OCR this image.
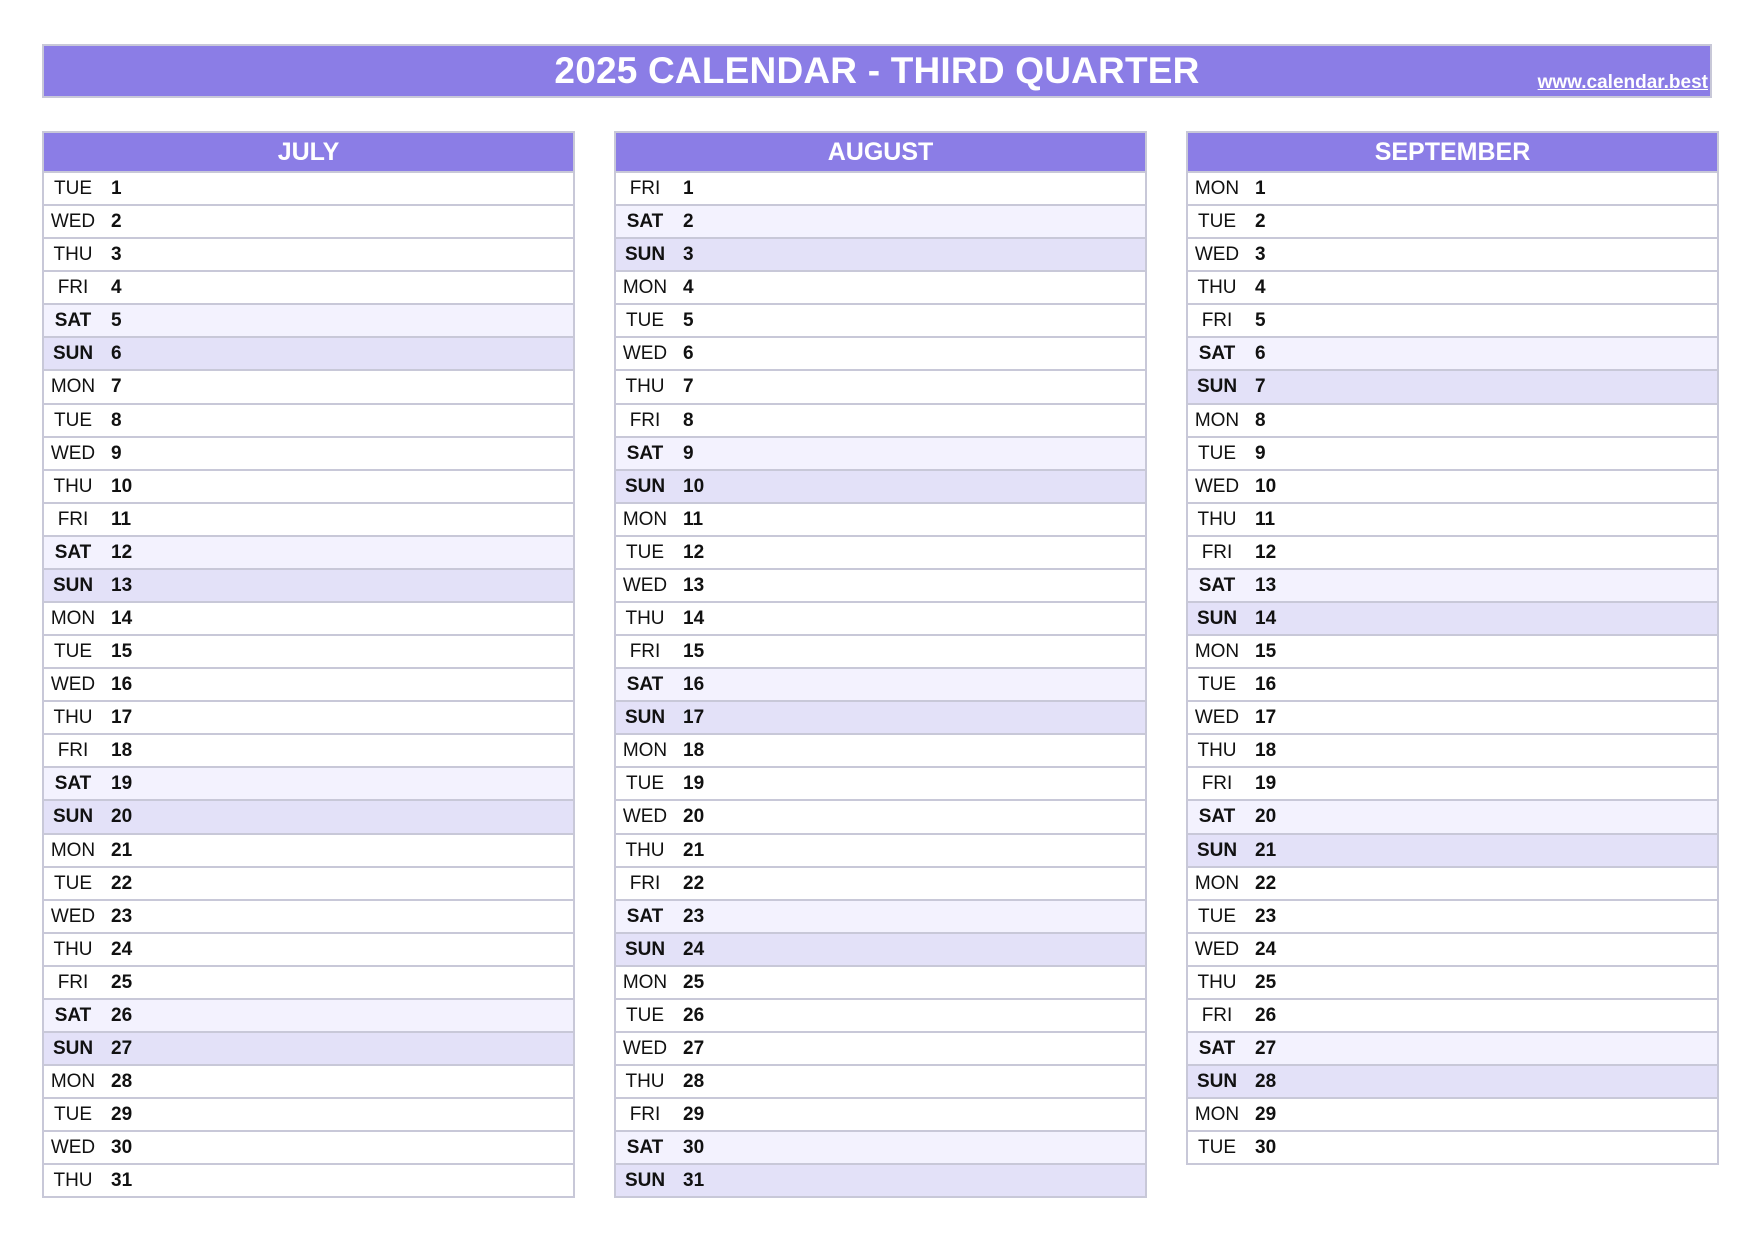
2025 CALENDAR - THIRD QUARTER	www.calendar.best
JULY
TUE	1
WED 2
THU 3
FRI	4
SAT	5
SUN 6
MON 7
TUE	8
WED 9
THU 10
FRI	11
SAT	12
SUN 13
MON 14
TUE	15
WED 16
THU 17
FRI	18
SAT	19
SUN 20
MON 21
TUE	22
WED 23
THU 24
FRI	25
SAT	26
SUN 27
MON 28
TUE	29
WED 30
THU 31
AUGUST
FRI	1
SAT	2
SUN 3
MON 4
TUE	5
WED 6
THU 7
FRI	8
SAT	9
SUN 10
MON 11
TUE	12
WED 13
THU 14
FRI	15
SAT	16
SUN 17
MON 18
TUE	19
WED 20
THU 21
FRI	22
SAT	23
SUN 24
MON 25
TUE	26
WED 27
THU 28
FRI	29
SAT	30
SUN 31
SEPTEMBER
MON 1
TUE	2
WED 3
THU 4
FRI	5
SAT	6
SUN 7
MON 8
TUE	9
WED 10
THU 11
FRI	12
SAT	13
SUN 14
MON 15
TUE	16
WED 17
THU 18
FRI	19
SAT	20
SUN 21
MON 22
TUE	23
WED 24
THU 25
FRI	26
SAT	27
SUN 28
MON 29
TUE	30
